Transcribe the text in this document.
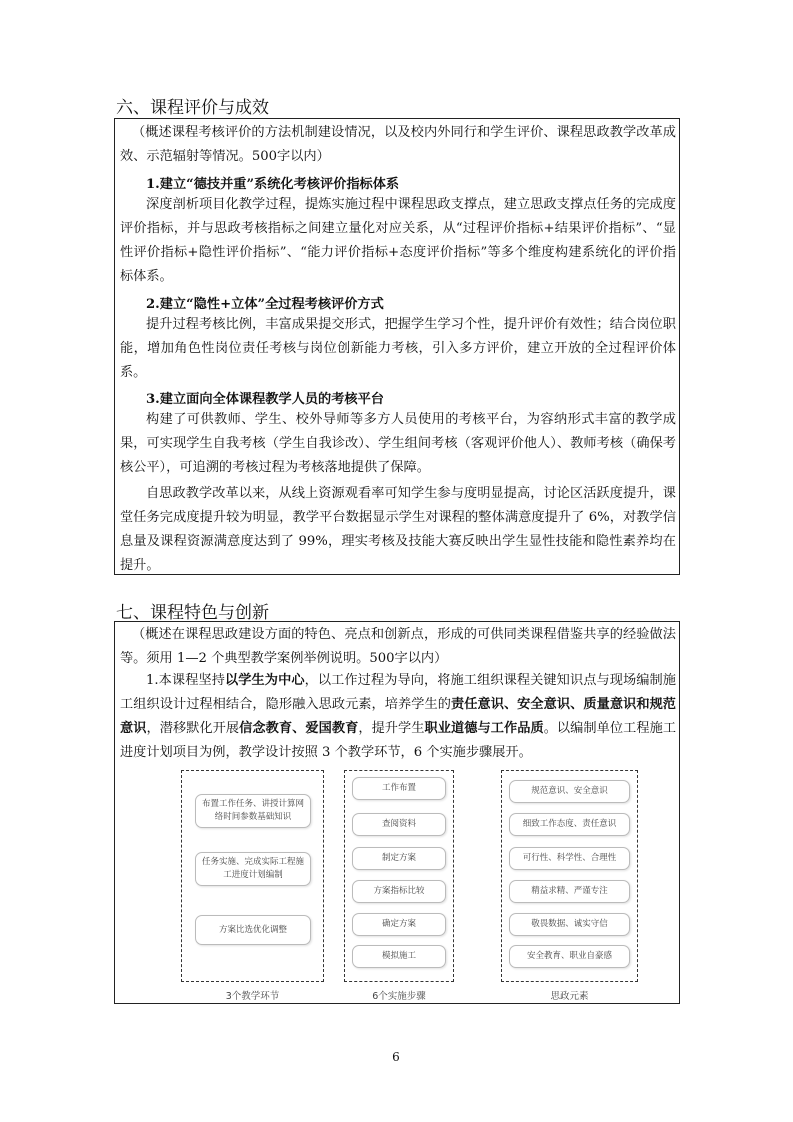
六、课程评价与成效
（概述课程考核评价的方法机制建设情况，以及校内外同行和学生评价、课程思政教学改革成效、示范辐射等情况。500字以内）
1.建立“德技并重”系统化考核评价指标体系
深度剖析项目化教学过程，提炼实施过程中课程思政支撑点，建立思政支撑点任务的完成度评价指标，并与思政考核指标之间建立量化对应关系，从“过程评价指标+结果评价指标”、“显性评价指标+隐性评价指标”、“能力评价指标+态度评价指标”等多个维度构建系统化的评价指标体系。
2.建立“隐性+立体”全过程考核评价方式
提升过程考核比例，丰富成果提交形式，把握学生学习个性，提升评价有效性；结合岗位职能，增加角色性岗位责任考核与岗位创新能力考核，引入多方评价，建立开放的全过程评价体系。
3.建立面向全体课程教学人员的考核平台
构建了可供教师、学生、校外导师等多方人员使用的考核平台，为容纳形式丰富的教学成果，可实现学生自我考核（学生自我诊改）、学生组间考核（客观评价他人）、教师考核（确保考核公平），可追溯的考核过程为考核落地提供了保障。
自思政教学改革以来，从线上资源观看率可知学生参与度明显提高，讨论区活跃度提升，课堂任务完成度提升较为明显，教学平台数据显示学生对课程的整体满意度提升了 6%，对教学信息量及课程资源满意度达到了 99%，理实考核及技能大赛反映出学生显性技能和隐性素养均在提升。
七、课程特色与创新
（概述在课程思政建设方面的特色、亮点和创新点，形成的可供同类课程借鉴共享的经验做法等。须用 1—2 个典型教学案例举例说明。500字以内）
1.本课程坚持以学生为中心，以工作过程为导向，将施工组织课程关键知识点与现场编制施工组织设计过程相结合，隐形融入思政元素，培养学生的责任意识、安全意识、质量意识和规范意识，潜移默化开展信念教育、爱国教育，提升学生职业道德与工作品质。以编制单位工程施工进度计划项目为例，教学设计按照 3 个教学环节，6 个实施步骤展开。
布置工作任务、讲授计算网络时间参数基础知识
任务实施、完成实际工程施工进度计划编制
方案比选优化调整
3个教学环节
工作布置
查阅资料
制定方案
方案指标比较
确定方案
模拟施工
6个实施步骤
规范意识、安全意识
细致工作态度、责任意识
可行性、科学性、合理性
精益求精、严谨专注
敬畏数据、诚实守信
安全教育、职业自豪感
思政元素
6
